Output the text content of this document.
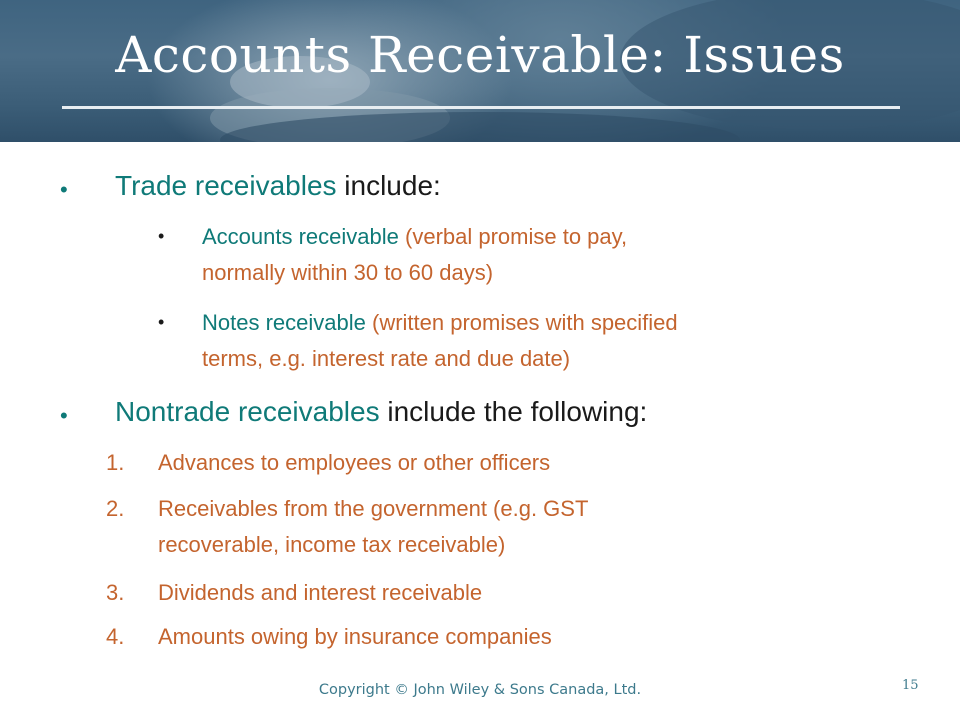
Accounts Receivable: Issues
• Trade receivables include:
• Accounts receivable (verbal promise to pay,
normally within 30 to 60 days)
• Notes receivable (written promises with specified
terms, e.g. interest rate and due date)
• Nontrade receivables include the following:
1. Advances to employees or other officers
2. Receivables from the government (e.g. GST
recoverable, income tax receivable)
3. Dividends and interest receivable
4. Amounts owing by insurance companies
Copyright © John Wiley & Sons Canada, Ltd.	15
